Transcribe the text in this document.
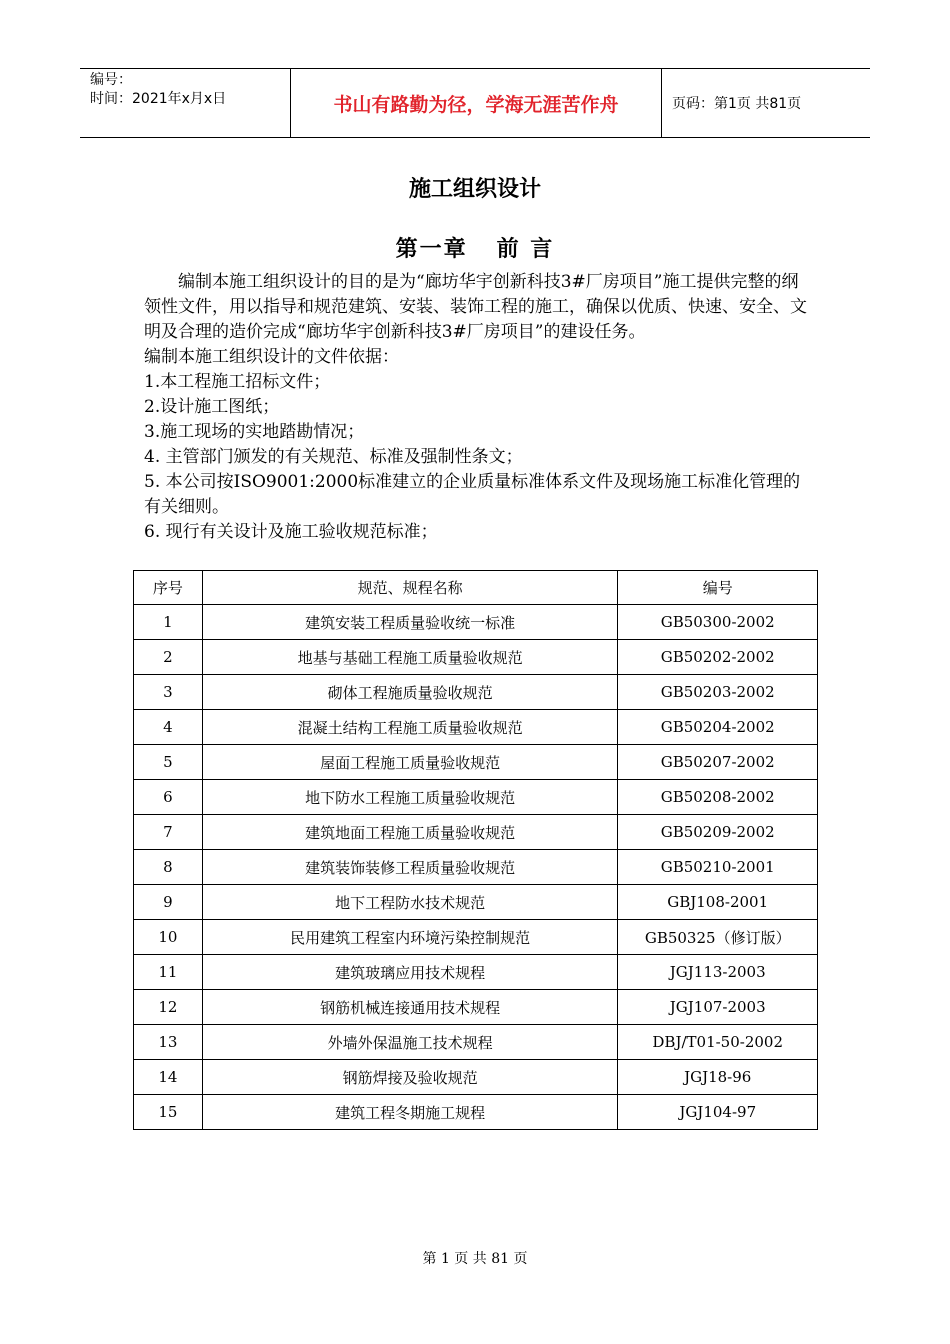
编号：
时间：2021年x月x日	书山有路勤为径，学海无涯苦作舟	页码：第1页 共81页
施工组织设计
第一章   前 言

编制本施工组织设计的目的是为“廊坊华宇创新科技3#厂房项目”施工提供完整的纲领性文件，用以指导和规范建筑、安装、装饰工程的施工，确保以优质、快速、安全、文明及合理的造价完成“廊坊华宇创新科技3#厂房项目”的建设任务。

编制本施工组织设计的文件依据：

1.本工程施工招标文件；

2.设计施工图纸；

3.施工现场的实地踏勘情况；

4. 主管部门颁发的有关规范、标准及强制性条文；

5. 本公司按ISO9001:2000标准建立的企业质量标准体系文件及现场施工标准化管理的有关细则。

6. 现行有关设计及施工验收规范标准；

序号	规范、规程名称	编号
1	建筑安装工程质量验收统一标准	GB50300-2002
2	地基与基础工程施工质量验收规范	GB50202-2002
3	砌体工程施质量验收规范	GB50203-2002
4	混凝土结构工程施工质量验收规范	GB50204-2002
5	屋面工程施工质量验收规范	GB50207-2002
6	地下防水工程施工质量验收规范	GB50208-2002
7	建筑地面工程施工质量验收规范	GB50209-2002
8	建筑装饰装修工程质量验收规范	GB50210-2001
9	地下工程防水技术规范	GBJ108-2001
10	民用建筑工程室内环境污染控制规范	GB50325（修订版）
11	建筑玻璃应用技术规程	JGJ113-2003
12	钢筋机械连接通用技术规程	JGJ107-2003
13	外墙外保温施工技术规程	DBJ/T01-50-2002
14	钢筋焊接及验收规范	JGJ18-96
15	建筑工程冬期施工规程	JGJ104-97
第 1 页 共 81 页
